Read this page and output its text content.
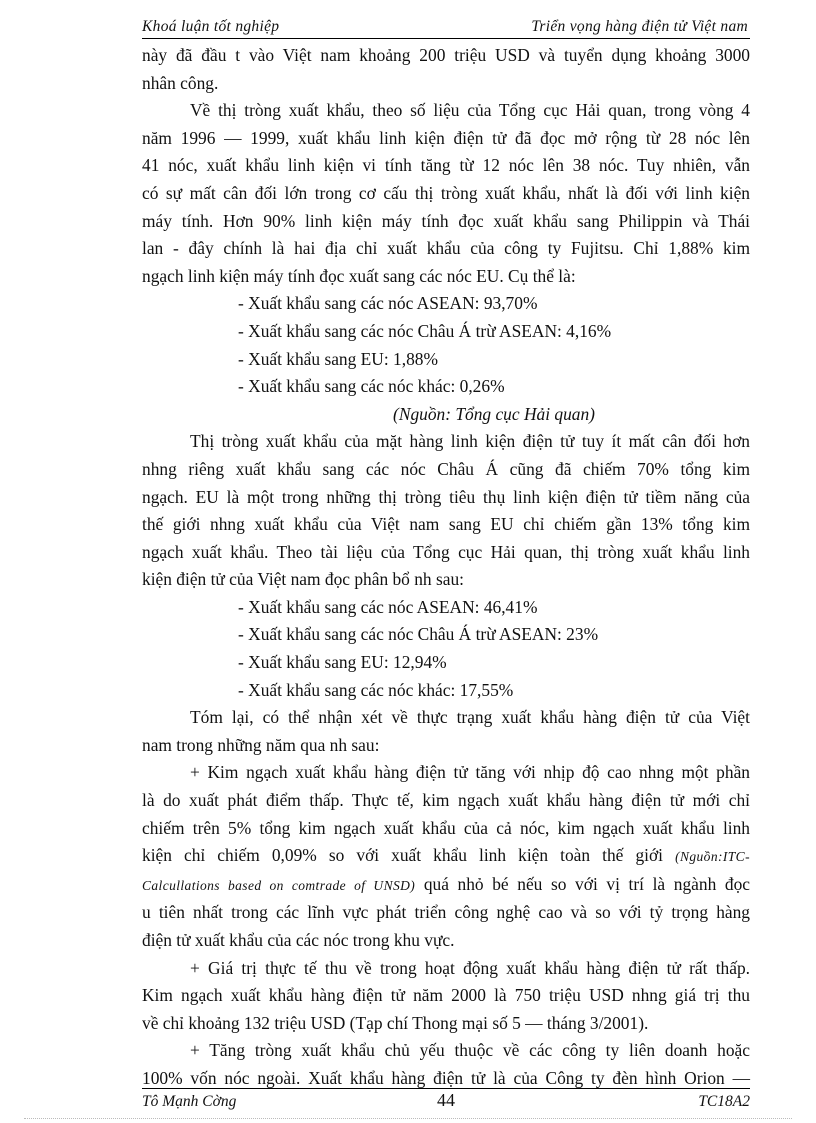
Khoá luận tốt nghiệp	Triển vọng hàng điện tử Việt nam

này đã đầu t vào Việt nam khoảng 200 triệu USD và tuyển dụng khoảng 3000
nhân công.

Về thị tròng xuất khẩu, theo số liệu của Tổng cục Hải quan, trong vòng 4
năm 1996 — 1999, xuất khẩu linh kiện điện tử đã đọc mở rộng từ 28 nóc lên
41 nóc, xuất khẩu linh kiện vi tính tăng từ 12 nóc lên 38 nóc. Tuy nhiên, vẫn
có sự mất cân đối lớn trong cơ cấu thị tròng xuất khẩu, nhất là đối với linh kiện
máy tính. Hơn 90% linh kiện máy tính đọc xuất khẩu sang Philippin và Thái
lan - đây chính là hai địa chỉ xuất khẩu của công ty Fujitsu. Chỉ 1,88% kim
ngạch linh kiện máy tính đọc xuất sang các nóc EU. Cụ thể là:

- Xuất khẩu sang các nóc ASEAN: 93,70%

- Xuất khẩu sang các nóc Châu Á trừ ASEAN: 4,16%

- Xuất khẩu sang EU: 1,88%

- Xuất khẩu sang các nóc khác: 0,26%

(Nguồn: Tổng cục Hải quan)

Thị tròng xuất khẩu của mặt hàng linh kiện điện tử tuy ít mất cân đối hơn
nhng riêng xuất khẩu sang các nóc Châu Á cũng đã chiếm 70% tổng kim
ngạch. EU là một trong những thị tròng tiêu thụ linh kiện điện tử tiềm năng của
thế giới nhng xuất khẩu của Việt nam sang EU chỉ chiếm gần 13% tổng kim
ngạch xuất khẩu. Theo tài liệu của Tổng cục Hải quan, thị tròng xuất khẩu linh
kiện điện tử của Việt nam đọc phân bổ nh sau:

- Xuất khẩu sang các nóc ASEAN: 46,41%

- Xuất khẩu sang các nóc Châu Á trừ ASEAN: 23%

- Xuất khẩu sang EU: 12,94%

- Xuất khẩu sang các nóc khác: 17,55%

Tóm lại, có thể nhận xét về thực trạng xuất khẩu hàng điện tử của Việt
nam trong những năm qua nh sau:

+ Kim ngạch xuất khẩu hàng điện tử tăng với nhịp độ cao nhng một phần
là do xuất phát điểm thấp. Thực tế, kim ngạch xuất khẩu hàng điện tử mới chỉ
chiếm trên 5% tổng kim ngạch xuất khẩu của cả nóc, kim ngạch xuất khẩu linh
kiện chỉ chiếm 0,09% so với xuất khẩu linh kiện toàn thế giới (Nguồn:ITC-
Calcullations based on comtrade of UNSD) quá nhỏ bé nếu so với vị trí là ngành đọc
u tiên nhất trong các lĩnh vực phát triển công nghệ cao và so với tỷ trọng hàng
điện tử xuất khẩu của các nóc trong khu vực.

+ Giá trị thực tế thu về trong hoạt động xuất khẩu hàng điện tử rất thấp.
Kim ngạch xuất khẩu hàng điện tử năm 2000 là 750 triệu USD nhng giá trị thu
về chỉ khoảng 132 triệu USD (Tạp chí Thong mại số 5 — tháng 3/2001).

+ Tăng tròng xuất khẩu chủ yếu thuộc về các công ty liên doanh hoặc
100% vốn nóc ngoài. Xuất khẩu hàng điện tử là của Công ty đèn hình Orion —

Tô Mạnh Cờng	44	TC18A2
